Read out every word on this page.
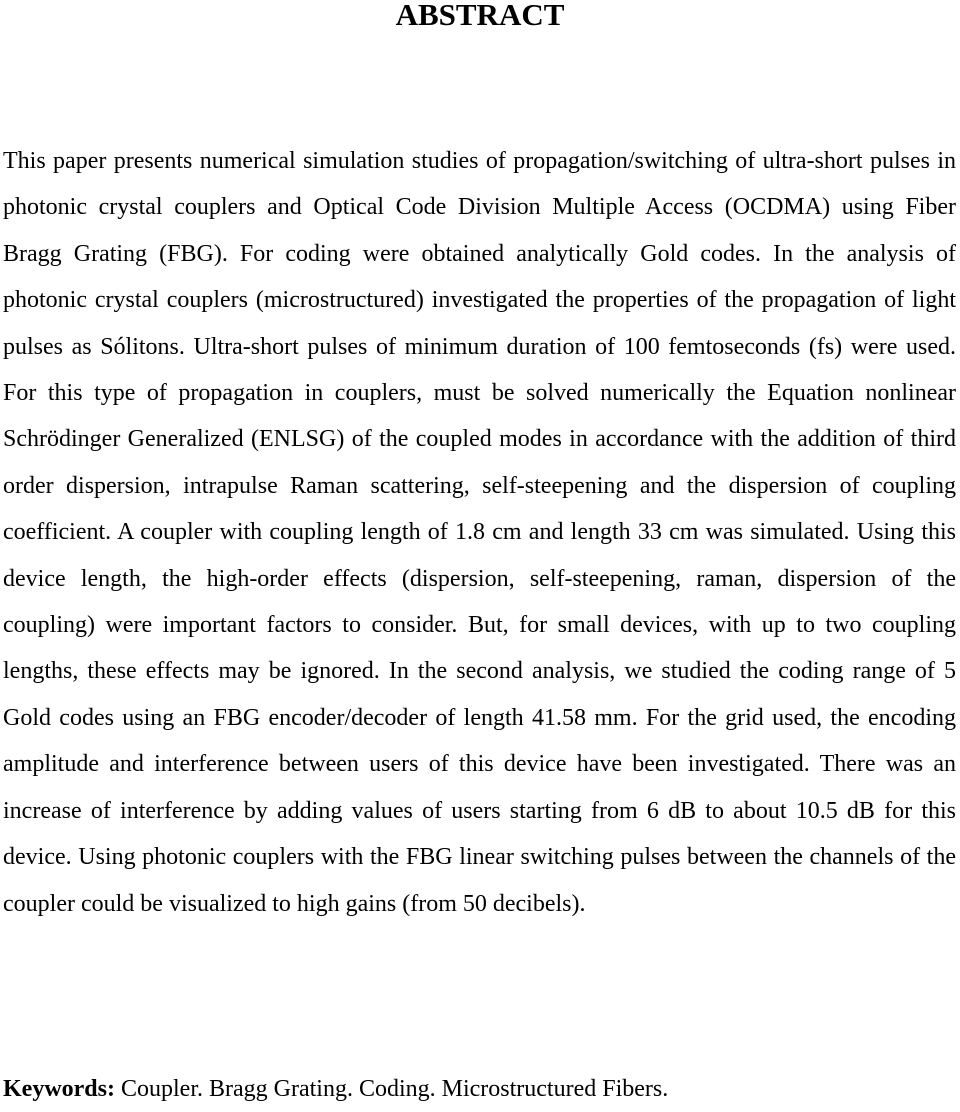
ABSTRACT

This paper presents numerical simulation studies of propagation/switching of ultra-short pulses in photonic crystal couplers and Optical Code Division Multiple Access (OCDMA) using Fiber Bragg Grating (FBG). For coding were obtained analytically Gold codes. In the analysis of photonic crystal couplers (microstructured) investigated the properties of the propagation of light pulses as Sólitons. Ultra-short pulses of minimum duration of 100 femtoseconds (fs) were used. For this type of propagation in couplers, must be solved numerically the Equation nonlinear Schrödinger Generalized (ENLSG) of the coupled modes in accordance with the addition of third order dispersion, intrapulse Raman scattering, self-steepening and the dispersion of coupling coefficient. A coupler with coupling length of 1.8 cm and length 33 cm was simulated. Using this device length, the high-order effects (dispersion, self-steepening, raman, dispersion of the coupling) were important factors to consider. But, for small devices, with up to two coupling lengths, these effects may be ignored. In the second analysis, we studied the coding range of 5 Gold codes using an FBG encoder/decoder of length 41.58 mm. For the grid used, the encoding amplitude and interference between users of this device have been investigated. There was an increase of interference by adding values of users starting from 6 dB to about 10.5 dB for this device. Using photonic couplers with the FBG linear switching pulses between the channels of the coupler could be visualized to high gains (from 50 decibels).

Keywords: Coupler. Bragg Grating. Coding. Microstructured Fibers.
